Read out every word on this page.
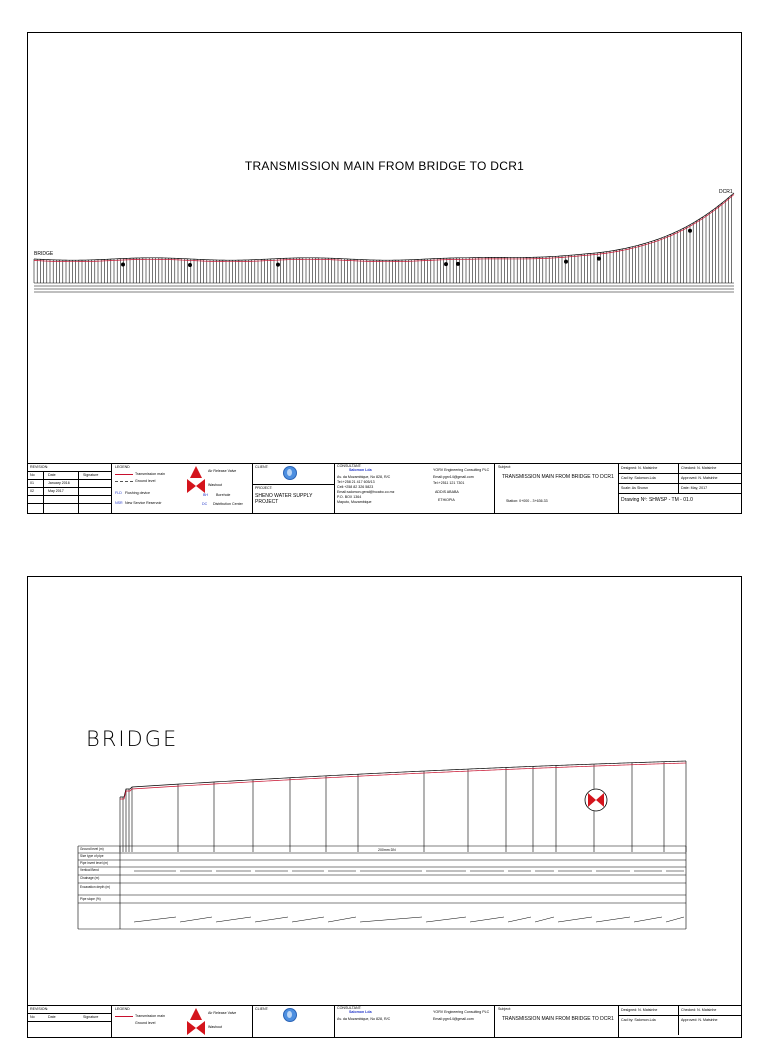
TRANSMISSION MAIN FROM BRIDGE TO DCR1
BRIDGE
DCR1
REVISION:
No	Date	Signature
01	January 2016
02	May 2017
LEGEND
Transmission main
Ground level
FLD Flushing device
NSR New Service Reservoir
Air Release Valve
Washout
BH Borehole
DC Distribution Center
CLIENT:
PROJECT:
SHENO WATER SUPPLY PROJECT
CONSULTANT:
Salomon Lda
Av. da Mozambique, No 828, R/C
Tel:+258 21 417 605/13
Cell:+258 82 326 5823
Email:salomon.geral@tvcabo.co.mz
P.O. BOX 1364
Maputo, Mozambique
YORV Engineering Consulting PLC
Email:ygrv14@gmail.com
Tel:+2511 121 7301
ADDIS ABABA
ETHIOPIA
Subject:
TRANSMISSION MAIN FROM BRIDGE TO DCR1
Station: 0+000 - 3+636.33
Designed: N. Matsinhe	Checked: N. Matsinhe
Cad by: Salomon.Lda	Approved: N. Matsinhe
Scale: As Shown	Date: May, 2017
Drawing Nº: SHWSP - TM - 01.0
BRIDGE
200mm DN
Ground level (m)
Size type of pipe
Pipe invert level (m)
Vertical Bend
Chainage (m)
Excavation depth (m)
Pipe slope (%)
REVISION:
No	Date	Signature
LEGEND
Transmission main
Ground level
Air Release Valve
Washout
CLIENT:	CONSULTANT:
Salomon Lda
Av. da Mozambique, No 828, R/C
YORV Engineering Consulting PLC
Email:ygrv14@gmail.com
Subject:
TRANSMISSION MAIN FROM BRIDGE TO DCR1
Designed: N. Matsinhe	Checked: N. Matsinhe
Cad by: Salomon.Lda	Approved: N. Matsinhe
